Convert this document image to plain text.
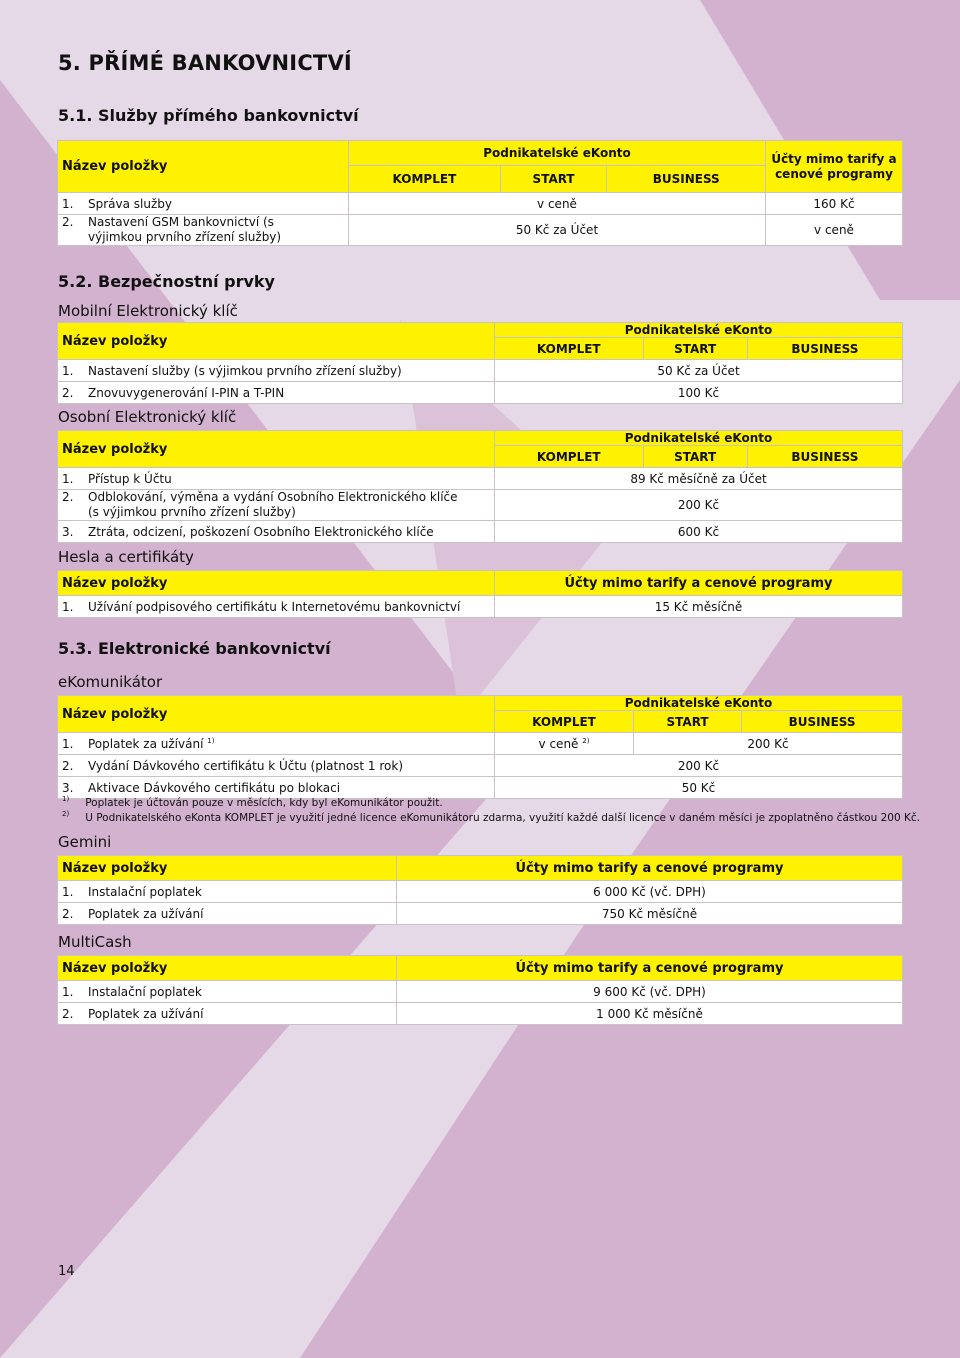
5. PŘÍMÉ BANKOVNICTVÍ
5.1. Služby přímého bankovnictví
Název položky	Podnikatelské eKonto			Účty mimo tarify a cenové programy
	KOMPLET	START	BUSINESS	
1. Správa služby	v ceně			160 Kč

2. Nastavení GSM bankovnictví (s výjimkou prvního zřízení služby)	50 Kč za Účet			v ceně
5.2. Bezpečnostní prvky
Mobilní Elektronický klíč
Název položky	Podnikatelské eKonto		
	KOMPLET	START	BUSINESS
1. Nastavení služby (s výjimkou prvního zřízení služby)	50 Kč za Účet		
2. Znovuvygenerování I-PIN a T-PIN	100 Kč		
Osobní Elektronický klíč
Název položky	Podnikatelské eKonto		
	KOMPLET	START	BUSINESS
1. Přístup k Účtu	89 Kč měsíčně za Účet		

2. Odblokování, výměna a vydání Osobního Elektronického klíče (s výjimkou prvního zřízení služby)	200 Kč		
3. Ztráta, odcizení, poškození Osobního Elektronického klíče	600 Kč		
Hesla a certifikáty
Název položky	Účty mimo tarify a cenové programy
1. Užívání podpisového certifikátu k Internetovému bankovnictví	15 Kč měsíčně
5.3. Elektronické bankovnictví
eKomunikátor
Název položky	Podnikatelské eKonto		
	KOMPLET	START	BUSINESS
1. Poplatek za užívání $^{1)}$	v ceně $^{2)}$	200 Kč	
2. Vydání Dávkového certifikátu k Účtu (platnost 1 rok)	200 Kč		
3. Aktivace Dávkového certifikátu po blokaci	50 Kč		
$^{1)}$ Poplatek je účtován pouze v měsících, kdy byl eKomunikátor použit.
$^{2)}$ U Podnikatelského eKonta KOMPLET je využití jedné licence eKomunikátoru zdarma, využití každé další licence v daném měsíci je zpoplatněno částkou 200 Kč.
Gemini
Název položky	Účty mimo tarify a cenové programy
1. Instalační poplatek	6 000 Kč (vč. DPH)
2. Poplatek za užívání	750 Kč měsíčně
MultiCash
Název položky	Účty mimo tarify a cenové programy
1. Instalační poplatek	9 600 Kč (vč. DPH)
2. Poplatek za užívání	1 000 Kč měsíčně
14
